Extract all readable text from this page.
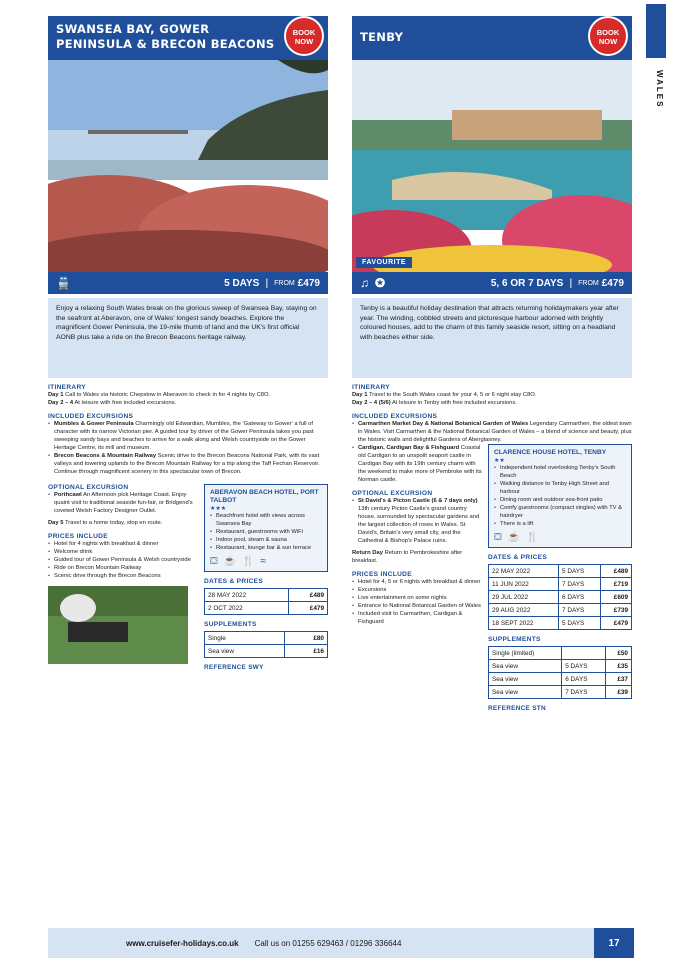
WALES
SWANSEA BAY, GOWER PENINSULA & BRECON BEACONS
BOOK NOW
🚆	5 DAYS | FROM £479
Enjoy a relaxing South Wales break on the glorious sweep of Swansea Bay, staying on the seafront at Aberavon, one of Wales' longest sandy beaches. Explore the magnificent Gower Peninsula, the 19-mile thumb of land and the UK's first official AONB plus take a ride on the Brecon Beacons heritage railway.
ITINERARY
Day 1 Call to Wales via historic Chepstow in Aberavon to check in for 4 nights by C8O.
Day 2 – 4 At leisure with free included excursions.
INCLUDED EXCURSIONS
• Mumbles & Gower Peninsula Charmingly old Edwardian, Mumbles, the 'Gateway to Gower' a full of character with its narrow Victorian pier. A guided tour by driver of the Gower Peninsula takes you past sweeping sandy bays and beaches to arrive for a walk along and Welsh countryside on the Gower Heritage Centre, its mill and museum.
• Brecon Beacons & Mountain Railway Scenic drive to the Brecon Beacons National Park, with its vast valleys and towering uplands to the Brecon Mountain Railway for a trip along the Taff Fechan Reservoir. Continue through magnificent scenery in this spectacular town of Brecon.
OPTIONAL EXCURSION
• Porthcawl An Afternoon pick Heritage Coast. Enjoy quaint visit to traditional seaside fun-fair, or Bridgend's coveted Welsh Factory Designer Outlet.
Day 5 Travel to a home today, stop en route.
PRICES INCLUDE
• Hotel for 4 nights with breakfast & dinner
• Welcome drink
• Guided tour of Gower Peninsula & Welsh countryside
• Ride on Brecon Mountain Railway
• Scenic drive through the Brecon Beacons
ABERAVON BEACH HOTEL, PORT TALBOT
★★★
• Beachfront hotel with views across Swansea Bay
• Restaurant, guestrooms with WiFi
• Indoor pool, steam & sauna
• Restaurant, lounge bar & sun terrace
⛋ ☕ 🍴 ≈
DATES & PRICES
28 MAY 2022	£489
2 OCT 2022	£479
SUPPLEMENTS
Single	£80
Sea view	£16
REFERENCE SWY
TENBY	BOOK NOW
FAVOURITE
♫ ✪	5, 6 OR 7 DAYS | FROM £479
Tenby is a beautiful holiday destination that attracts returning holidaymakers year after year. The winding, cobbled streets and picturesque harbour adorned with brightly coloured houses, add to the charm of this family seaside resort, sitting on a headland with beaches either side.
ITINERARY
Day 1 Travel to the South Wales coast for your 4, 5 or 6 night stay C8O.
Day 2 – 4 (5/6) At leisure in Tenby with free included excursions.
INCLUDED EXCURSIONS
• Carmarthen Market Day & National Botanical Garden of Wales Legendary Carmarthen, the oldest town in Wales. Visit Carmarthen & the National Botanical Garden of Wales – a blend of science and beauty, plus the historic walls and delightful Gardens of Aberglasney.
• Cardigan, Cardigan Bay & Fishguard Coastal old Cardigan to an unspoilt seaport castle in Cardigan Bay with its 19th century charm with the weekend to make more of Pembroke with its Norman castle.
OPTIONAL EXCURSION
• St David's & Picton Castle (6 & 7 days only) 13th century Picton Castle's grand country house, surrounded by spectacular gardens and the largest collection of roses in Wales. St David's, Britain's very small city, and the Cathedral & Bishop's Palace ruins.
Return Day Return to Pembrokeshire after breakfast.
PRICES INCLUDE
• Hotel for 4, 5 or 6 nights with breakfast & dinner
• Excursions
• Live entertainment on some nights
• Entrance to National Botanical Garden of Wales
• Included visit to Carmarthen, Cardigan & Fishguard
CLARENCE HOUSE HOTEL, TENBY
★★
• Independent hotel overlooking Tenby's South Beach
• Walking distance to Tenby High Street and harbour
• Dining room and outdoor sea-front patio
• Comfy guestrooms (compact singles) with TV & hairdryer
• There is a lift
⛋ ☕ 🍴
DATES & PRICES
22 MAY 2022	5 DAYS	£489
11 JUN 2022	7 DAYS	£719
29 JUL 2022	6 DAYS	£609
29 AUG 2022	7 DAYS	£739
18 SEPT 2022	5 DAYS	£479
SUPPLEMENTS
Single (limited)		£50
Sea view	5 DAYS	£35
Sea view	6 DAYS	£37
Sea view	7 DAYS	£39
REFERENCE STN
www.cruisefer-holidays.co.uk Call us on 01255 629463 / 01296 336644	17
